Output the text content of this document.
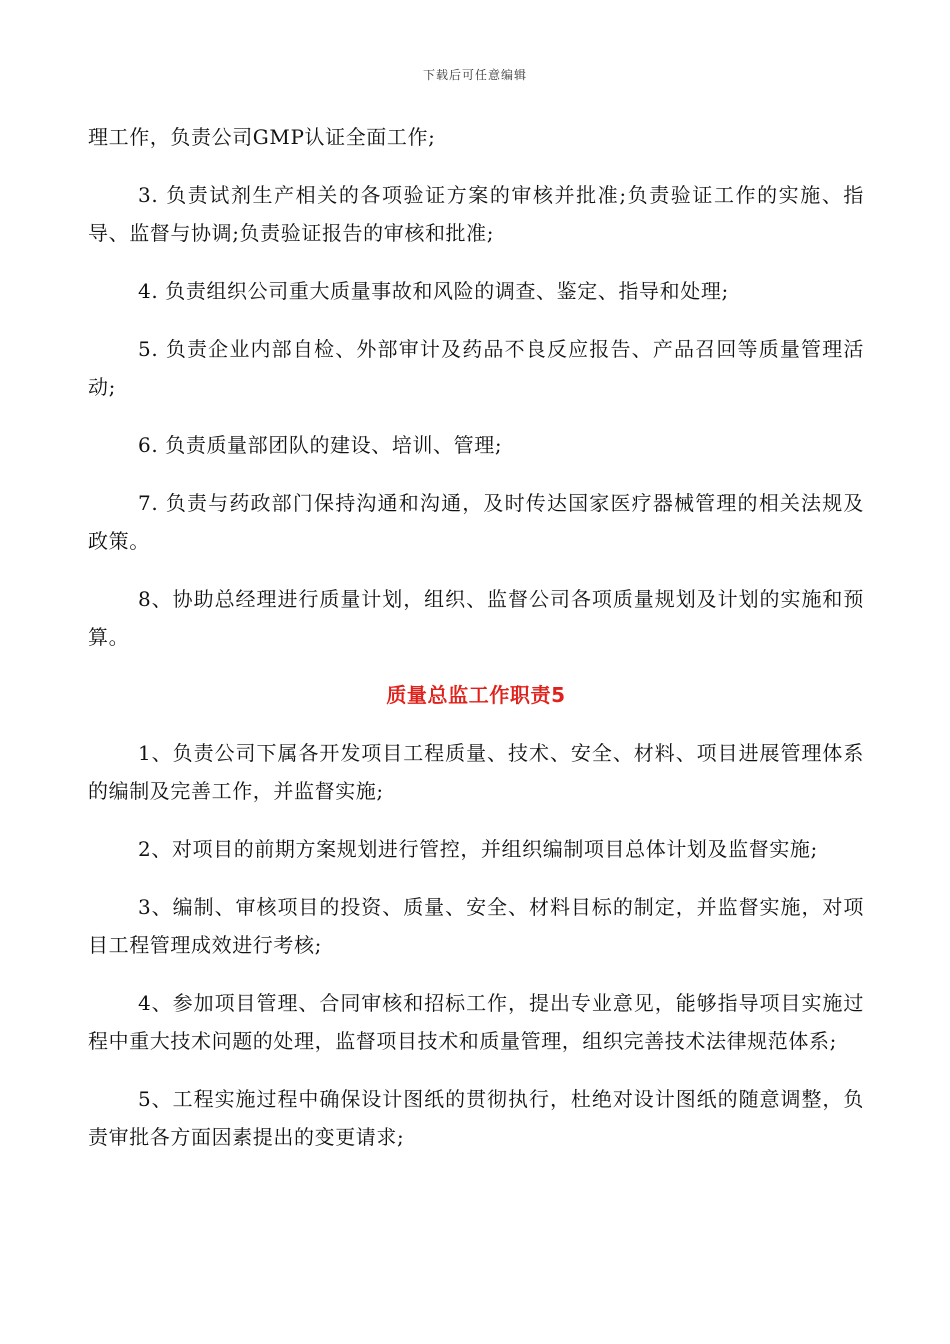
下载后可任意编辑

理工作，负责公司GMP认证全面工作;

3. 负责试剂生产相关的各项验证方案的审核并批准;负责验证工作的实施、指导、监督与协调;负责验证报告的审核和批准;

4. 负责组织公司重大质量事故和风险的调查、鉴定、指导和处理;

5. 负责企业内部自检、外部审计及药品不良反应报告、产品召回等质量管理活动;

6. 负责质量部团队的建设、培训、管理;

7. 负责与药政部门保持沟通和沟通，及时传达国家医疗器械管理的相关法规及政策。

8、协助总经理进行质量计划，组织、监督公司各项质量规划及计划的实施和预算。

质量总监工作职责5

1、负责公司下属各开发项目工程质量、技术、安全、材料、项目进展管理体系的编制及完善工作，并监督实施;

2、对项目的前期方案规划进行管控，并组织编制项目总体计划及监督实施;

3、编制、审核项目的投资、质量、安全、材料目标的制定，并监督实施，对项目工程管理成效进行考核;

4、参加项目管理、合同审核和招标工作，提出专业意见，能够指导项目实施过程中重大技术问题的处理，监督项目技术和质量管理，组织完善技术法律规范体系;

5、工程实施过程中确保设计图纸的贯彻执行，杜绝对设计图纸的随意调整，负责审批各方面因素提出的变更请求;
